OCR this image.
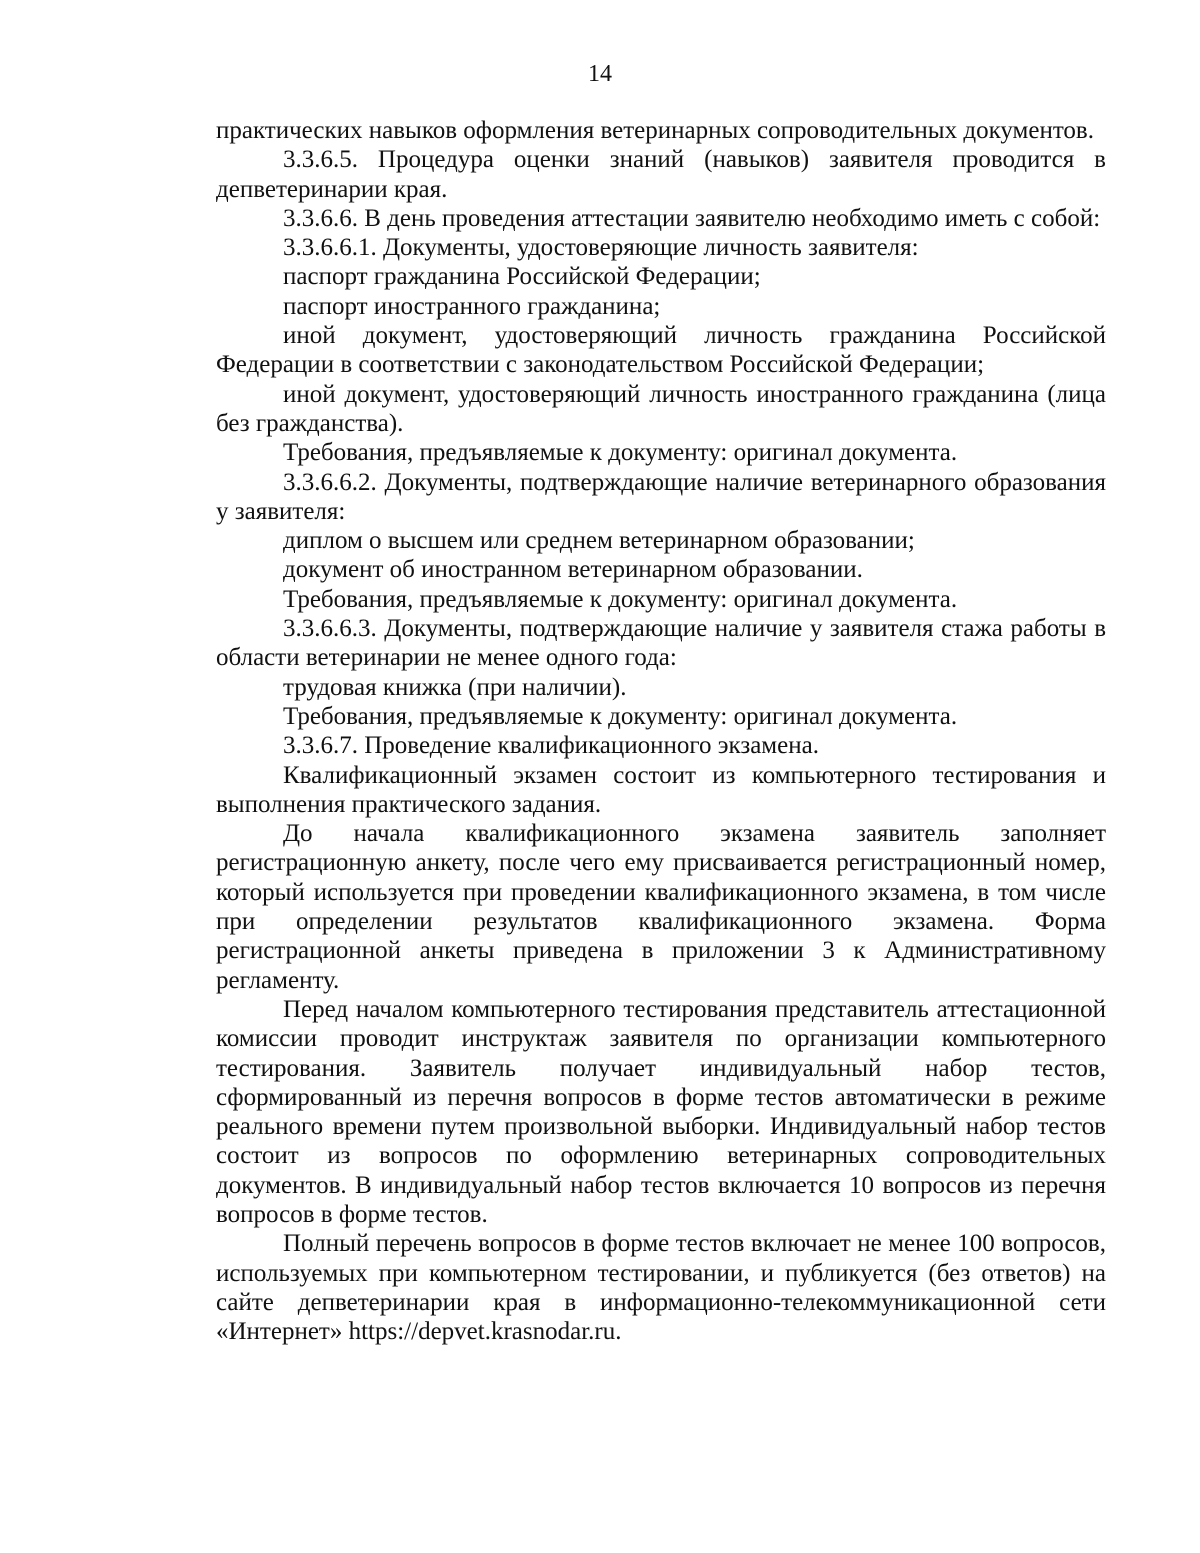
14

практических навыков оформления ветеринарных сопроводительных документов.

3.3.6.5. Процедура оценки знаний (навыков) заявителя проводится в депветеринарии края.

3.3.6.6. В день проведения аттестации заявителю необходимо иметь с собой:

3.3.6.6.1. Документы, удостоверяющие личность заявителя:

паспорт гражданина Российской Федерации;

паспорт иностранного гражданина;

иной документ, удостоверяющий личность гражданина Российской Федерации в соответствии с законодательством Российской Федерации;

иной документ, удостоверяющий личность иностранного гражданина (лица без гражданства).

Требования, предъявляемые к документу: оригинал документа.

3.3.6.6.2. Документы, подтверждающие наличие ветеринарного образования у заявителя:

диплом о высшем или среднем ветеринарном образовании;

документ об иностранном ветеринарном образовании.

Требования, предъявляемые к документу: оригинал документа.

3.3.6.6.3. Документы, подтверждающие наличие у заявителя стажа работы в области ветеринарии не менее одного года:

трудовая книжка (при наличии).

Требования, предъявляемые к документу: оригинал документа.

3.3.6.7. Проведение квалификационного экзамена.

Квалификационный экзамен состоит из компьютерного тестирования и выполнения практического задания.

До начала квалификационного экзамена заявитель заполняет регистрационную анкету, после чего ему присваивается регистрационный номер, который используется при проведении квалификационного экзамена, в том числе при определении результатов квалификационного экзамена. Форма регистрационной анкеты приведена в приложении 3 к Административному регламенту.

Перед началом компьютерного тестирования представитель аттестационной комиссии проводит инструктаж заявителя по организации компьютерного тестирования. Заявитель получает индивидуальный набор тестов, сформированный из перечня вопросов в форме тестов автоматически в режиме реального времени путем произвольной выборки. Индивидуальный набор тестов состоит из вопросов по оформлению ветеринарных сопроводительных документов. В индивидуальный набор тестов включается 10 вопросов из перечня вопросов в форме тестов.

Полный перечень вопросов в форме тестов включает не менее 100 вопросов, используемых при компьютерном тестировании, и публикуется (без ответов) на сайте депветеринарии края в информационно-телекоммуникационной сети «Интернет» https://depvet.krasnodar.ru.
